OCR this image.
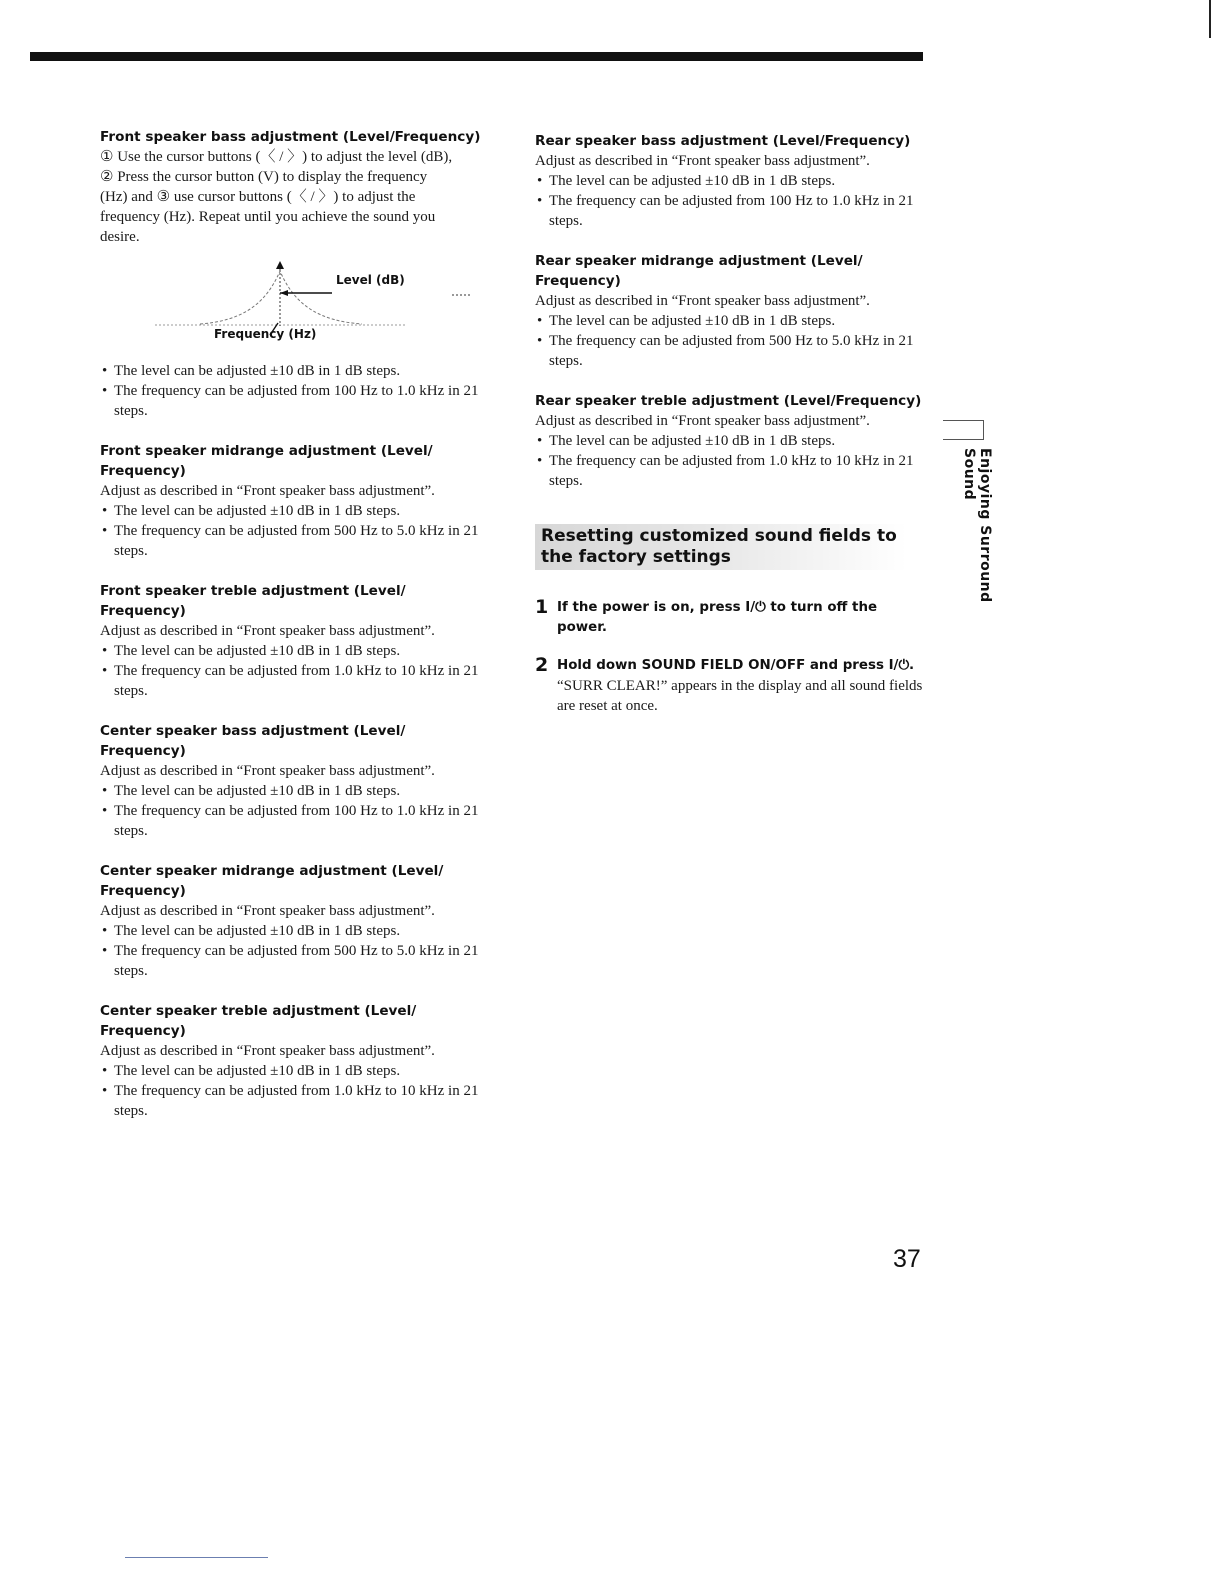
Front speaker bass adjustment (Level/Frequency)

① Use the cursor buttons (〈 / 〉) to adjust the level (dB),

② Press the cursor button (V) to display the frequency

(Hz) and ③ use cursor buttons (〈 / 〉) to adjust the

frequency (Hz). Repeat until you achieve the sound you

desire.

Level (dB)
Frequency (Hz)
• The level can be adjusted ±10 dB in 1 dB steps.
• The frequency can be adjusted from 100 Hz to 1.0 kHz in 21 steps.
Front speaker midrange adjustment (Level/ Frequency)

Adjust as described in “Front speaker bass adjustment”.

• The level can be adjusted ±10 dB in 1 dB steps.
• The frequency can be adjusted from 500 Hz to 5.0 kHz in 21 steps.
Front speaker treble adjustment (Level/ Frequency)

Adjust as described in “Front speaker bass adjustment”.

• The level can be adjusted ±10 dB in 1 dB steps.
• The frequency can be adjusted from 1.0 kHz to 10 kHz in 21 steps.
Center speaker bass adjustment (Level/ Frequency)

Adjust as described in “Front speaker bass adjustment”.

• The level can be adjusted ±10 dB in 1 dB steps.
• The frequency can be adjusted from 100 Hz to 1.0 kHz in 21 steps.
Center speaker midrange adjustment (Level/ Frequency)

Adjust as described in “Front speaker bass adjustment”.

• The level can be adjusted ±10 dB in 1 dB steps.
• The frequency can be adjusted from 500 Hz to 5.0 kHz in 21 steps.
Center speaker treble adjustment (Level/ Frequency)

Adjust as described in “Front speaker bass adjustment”.

• The level can be adjusted ±10 dB in 1 dB steps.
• The frequency can be adjusted from 1.0 kHz to 10 kHz in 21 steps.
Rear speaker bass adjustment (Level/Frequency)

Adjust as described in “Front speaker bass adjustment”.

• The level can be adjusted ±10 dB in 1 dB steps.
• The frequency can be adjusted from 100 Hz to 1.0 kHz in 21 steps.
Rear speaker midrange adjustment (Level/ Frequency)

Adjust as described in “Front speaker bass adjustment”.

• The level can be adjusted ±10 dB in 1 dB steps.
• The frequency can be adjusted from 500 Hz to 5.0 kHz in 21 steps.
Rear speaker treble adjustment (Level/Frequency)

Adjust as described in “Front speaker bass adjustment”.

• The level can be adjusted ±10 dB in 1 dB steps.
• The frequency can be adjusted from 1.0 kHz to 10 kHz in 21 steps.
Resetting customized sound fields to the factory settings
1 If the power is on, press I/⏻ to turn off the power.

2 Hold down SOUND FIELD ON/OFF and press I/⏻.

“SURR CLEAR!” appears in the display and all sound fields are reset at once.

Enjoying Surround Sound
37
